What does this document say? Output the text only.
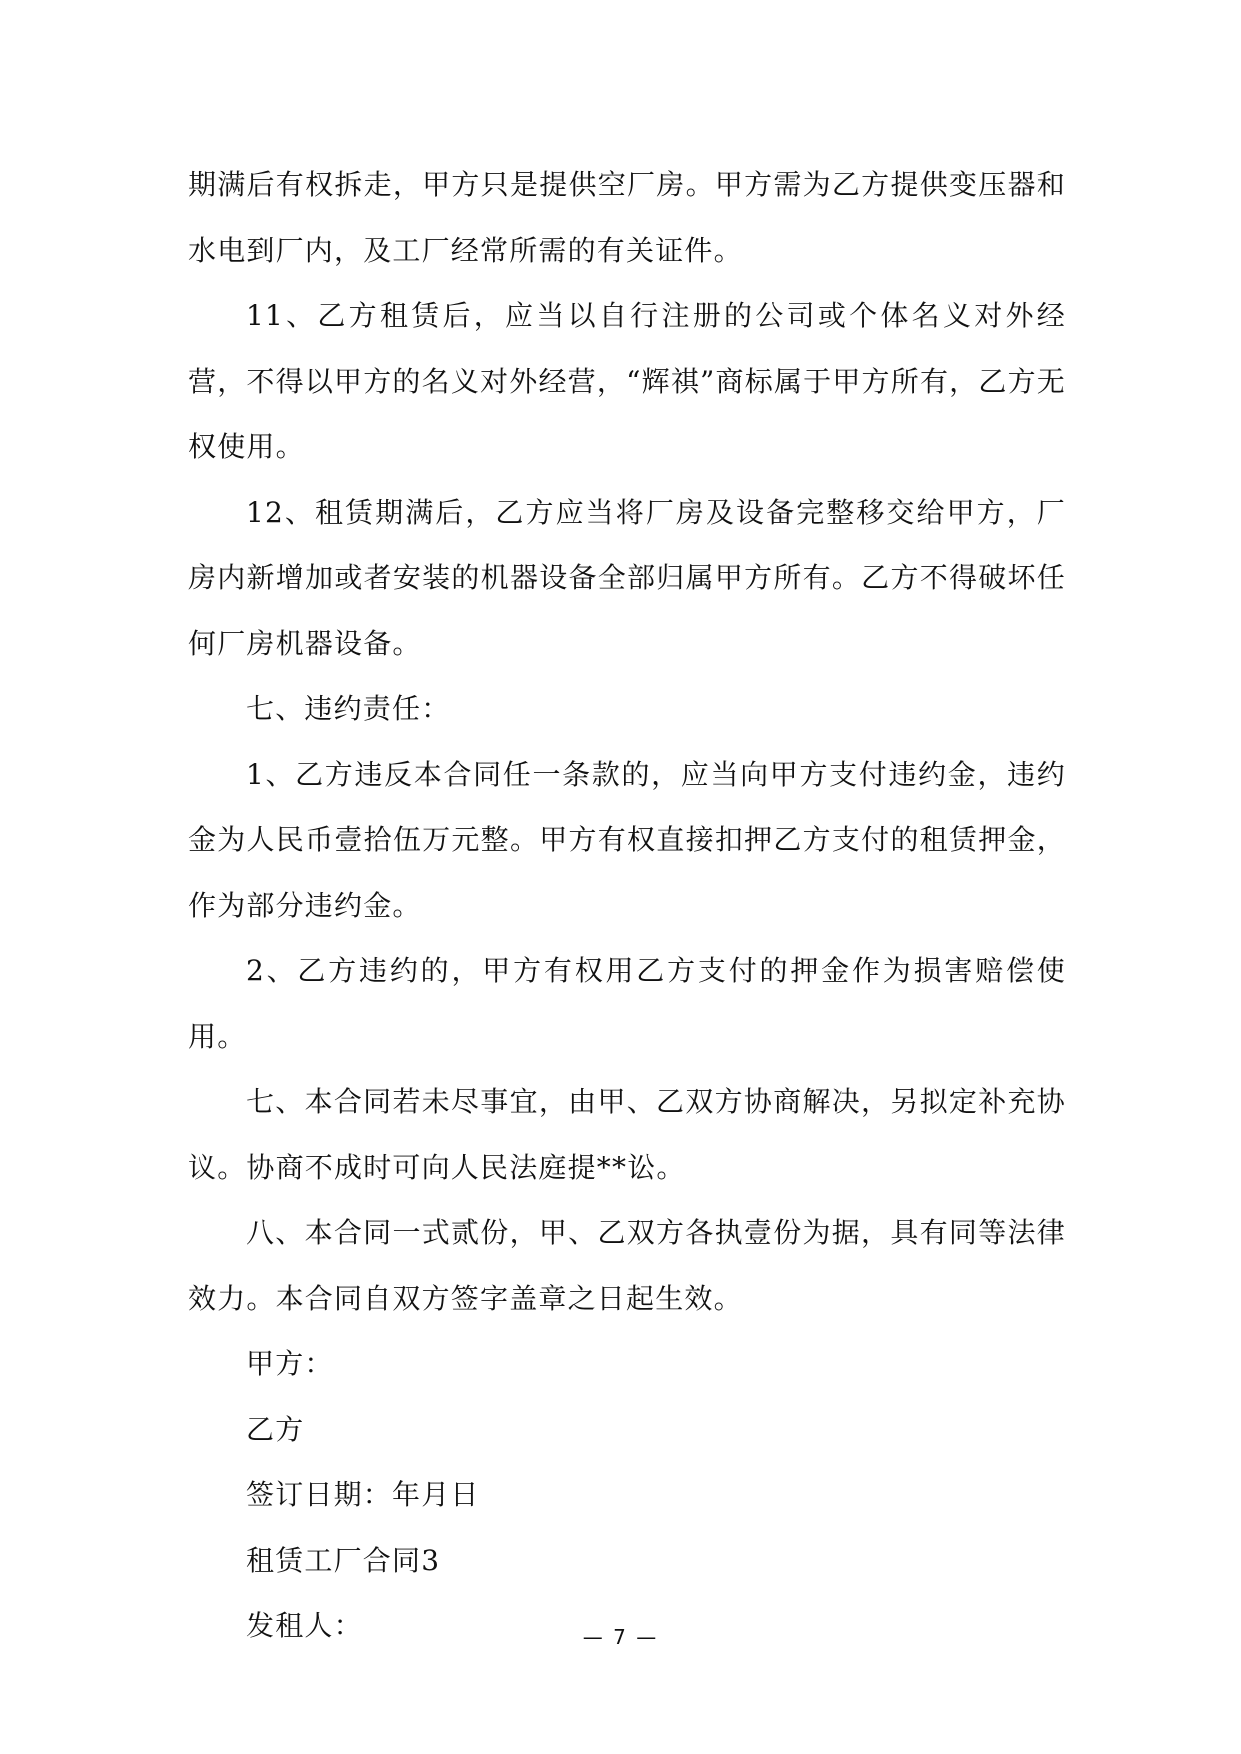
期满后有权拆走，甲方只是提供空厂房。甲方需为乙方提供变压器和水电到厂内，及工厂经常所需的有关证件。

11、乙方租赁后，应当以自行注册的公司或个体名义对外经营，不得以甲方的名义对外经营，“辉祺”商标属于甲方所有，乙方无权使用。

12、租赁期满后，乙方应当将厂房及设备完整移交给甲方，厂房内新增加或者安装的机器设备全部归属甲方所有。乙方不得破坏任何厂房机器设备。

七、违约责任：

1、乙方违反本合同任一条款的，应当向甲方支付违约金，违约金为人民币壹拾伍万元整。甲方有权直接扣押乙方支付的租赁押金，作为部分违约金。

2、乙方违约的，甲方有权用乙方支付的押金作为损害赔偿使用。

七、本合同若未尽事宜，由甲、乙双方协商解决，另拟定补充协议。协商不成时可向人民法庭提**讼。

八、本合同一式贰份，甲、乙双方各执壹份为据，具有同等法律效力。本合同自双方签字盖章之日起生效。

甲方：

乙方

签订日期：年月日

租赁工厂合同3

发租人：	— 7 —
